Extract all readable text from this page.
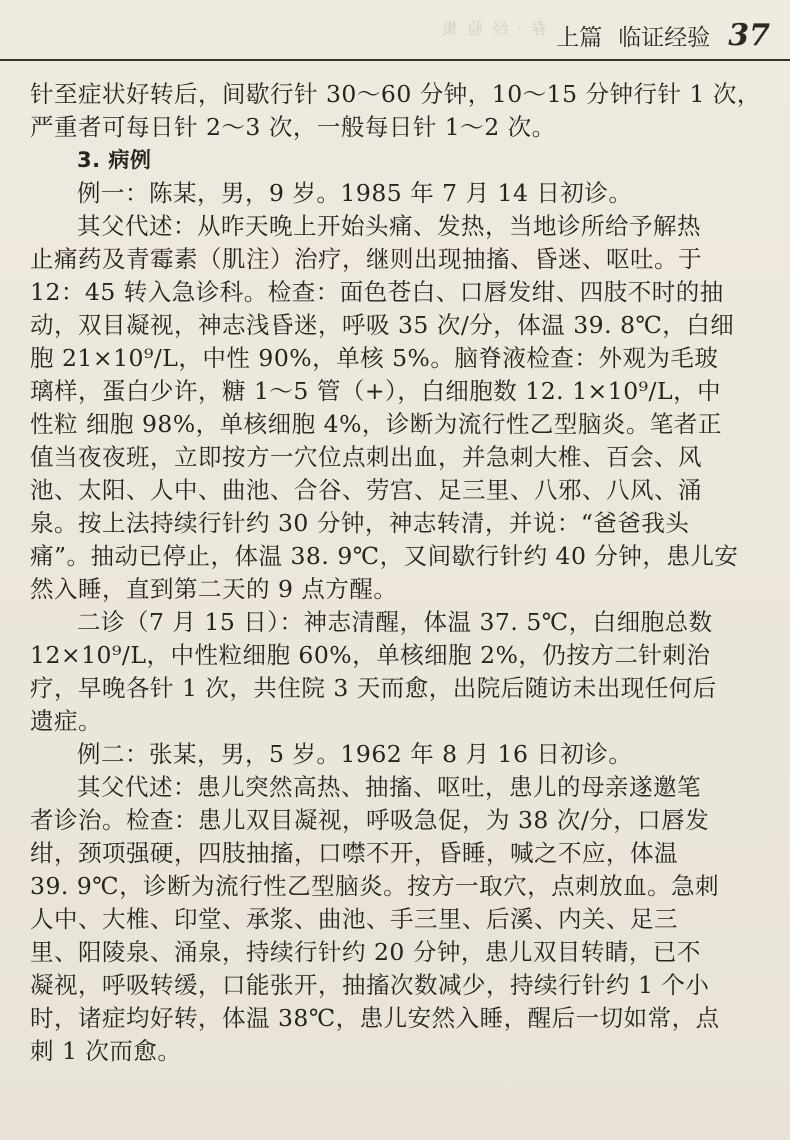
春 · 经 验 集 上篇 临证经验 37
针至症状好转后，间歇行针 30～60 分钟，10～15 分钟行针 1 次，
严重者可每日针 2～3 次，一般每日针 1～2 次。
3. 病例
例一：陈某，男，9 岁。1985 年 7 月 14 日初诊。
其父代述：从昨天晚上开始头痛、发热，当地诊所给予解热
止痛药及青霉素（肌注）治疗，继则出现抽搐、昏迷、呕吐。于
12：45 转入急诊科。检查：面色苍白、口唇发绀、四肢不时的抽
动，双目凝视，神志浅昏迷，呼吸 35 次/分，体温 39. 8℃，白细
胞 21×10⁹/L，中性 90%，单核 5%。脑脊液检查：外观为毛玻
璃样，蛋白少许，糖 1～5 管（+），白细胞数 12. 1×10⁹/L，中
性粒 细胞 98%，单核细胞 4%，诊断为流行性乙型脑炎。笔者正
值当夜夜班，立即按方一穴位点刺出血，并急刺大椎、百会、风
池、太阳、人中、曲池、合谷、劳宫、足三里、八邪、八风、涌
泉。按上法持续行针约 30 分钟，神志转清，并说：“爸爸我头
痛”。抽动已停止，体温 38. 9℃，又间歇行针约 40 分钟，患儿安
然入睡，直到第二天的 9 点方醒。
二诊（7 月 15 日）：神志清醒，体温 37. 5℃，白细胞总数
12×10⁹/L，中性粒细胞 60%，单核细胞 2%，仍按方二针刺治
疗，早晚各针 1 次，共住院 3 天而愈，出院后随访未出现任何后
遗症。
例二：张某，男，5 岁。1962 年 8 月 16 日初诊。
其父代述：患儿突然高热、抽搐、呕吐，患儿的母亲遂邀笔
者诊治。检查：患儿双目凝视，呼吸急促，为 38 次/分，口唇发
绀，颈项强硬，四肢抽搐，口噤不开，昏睡，喊之不应，体温
39. 9℃，诊断为流行性乙型脑炎。按方一取穴，点刺放血。急刺
人中、大椎、印堂、承浆、曲池、手三里、后溪、内关、足三
里、阳陵泉、涌泉，持续行针约 20 分钟，患儿双目转睛，已不
凝视，呼吸转缓，口能张开，抽搐次数减少，持续行针约 1 个小
时，诸症均好转，体温 38℃，患儿安然入睡，醒后一切如常，点
刺 1 次而愈。
